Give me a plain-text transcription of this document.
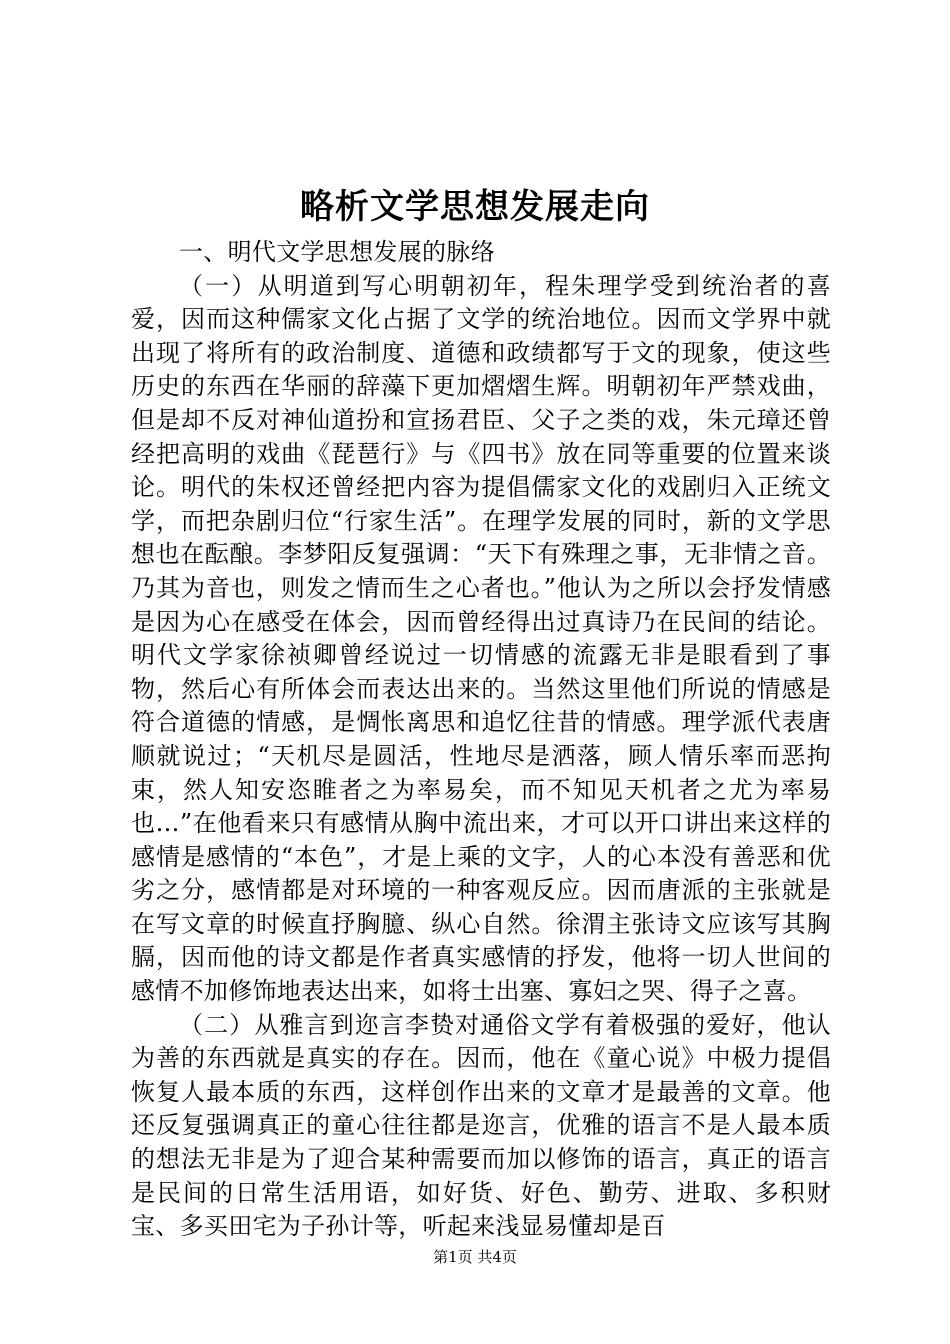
略析文学思想发展走向

一、明代文学思想发展的脉络

（一）从明道到写心明朝初年，程朱理学受到统治者的喜爱，因而这种儒家文化占据了文学的统治地位。因而文学界中就出现了将所有的政治制度、道德和政绩都写于文的现象，使这些历史的东西在华丽的辞藻下更加熠熠生辉。明朝初年严禁戏曲，但是却不反对神仙道扮和宣扬君臣、父子之类的戏，朱元璋还曾经把高明的戏曲《琵琶行》与《四书》放在同等重要的位置来谈论。明代的朱权还曾经把内容为提倡儒家文化的戏剧归入正统文学，而把杂剧归位“行家生活”。在理学发展的同时，新的文学思想也在酝酿。李梦阳反复强调：“天下有殊理之事，无非情之音。乃其为音也，则发之情而生之心者也。”他认为之所以会抒发情感是因为心在感受在体会，因而曾经得出过真诗乃在民间的结论。明代文学家徐祯卿曾经说过一切情感的流露无非是眼看到了事物，然后心有所体会而表达出来的。当然这里他们所说的情感是符合道德的情感，是惆怅离思和追忆往昔的情感。理学派代表唐顺就说过；“天机尽是圆活，性地尽是洒落，顾人情乐率而恶拘束，然人知安恣睢者之为率易矣，而不知见天机者之尤为率易也…”在他看来只有感情从胸中流出来，才可以开口讲出来这样的感情是感情的“本色”，才是上乘的文字，人的心本没有善恶和优劣之分，感情都是对环境的一种客观反应。因而唐派的主张就是在写文章的时候直抒胸臆、纵心自然。徐渭主张诗文应该写其胸膈，因而他的诗文都是作者真实感情的抒发，他将一切人世间的感情不加修饰地表达出来，如将士出塞、寡妇之哭、得子之喜。

（二）从雅言到迩言李贽对通俗文学有着极强的爱好，他认为善的东西就是真实的存在。因而，他在《童心说》中极力提倡恢复人最本质的东西，这样创作出来的文章才是最善的文章。他还反复强调真正的童心往往都是迩言，优雅的语言不是人最本质的想法无非是为了迎合某种需要而加以修饰的语言，真正的语言是民间的日常生活用语，如好货、好色、勤劳、进取、多积财宝、多买田宅为子孙计等，听起来浅显易懂却是百

第1页 共4页
